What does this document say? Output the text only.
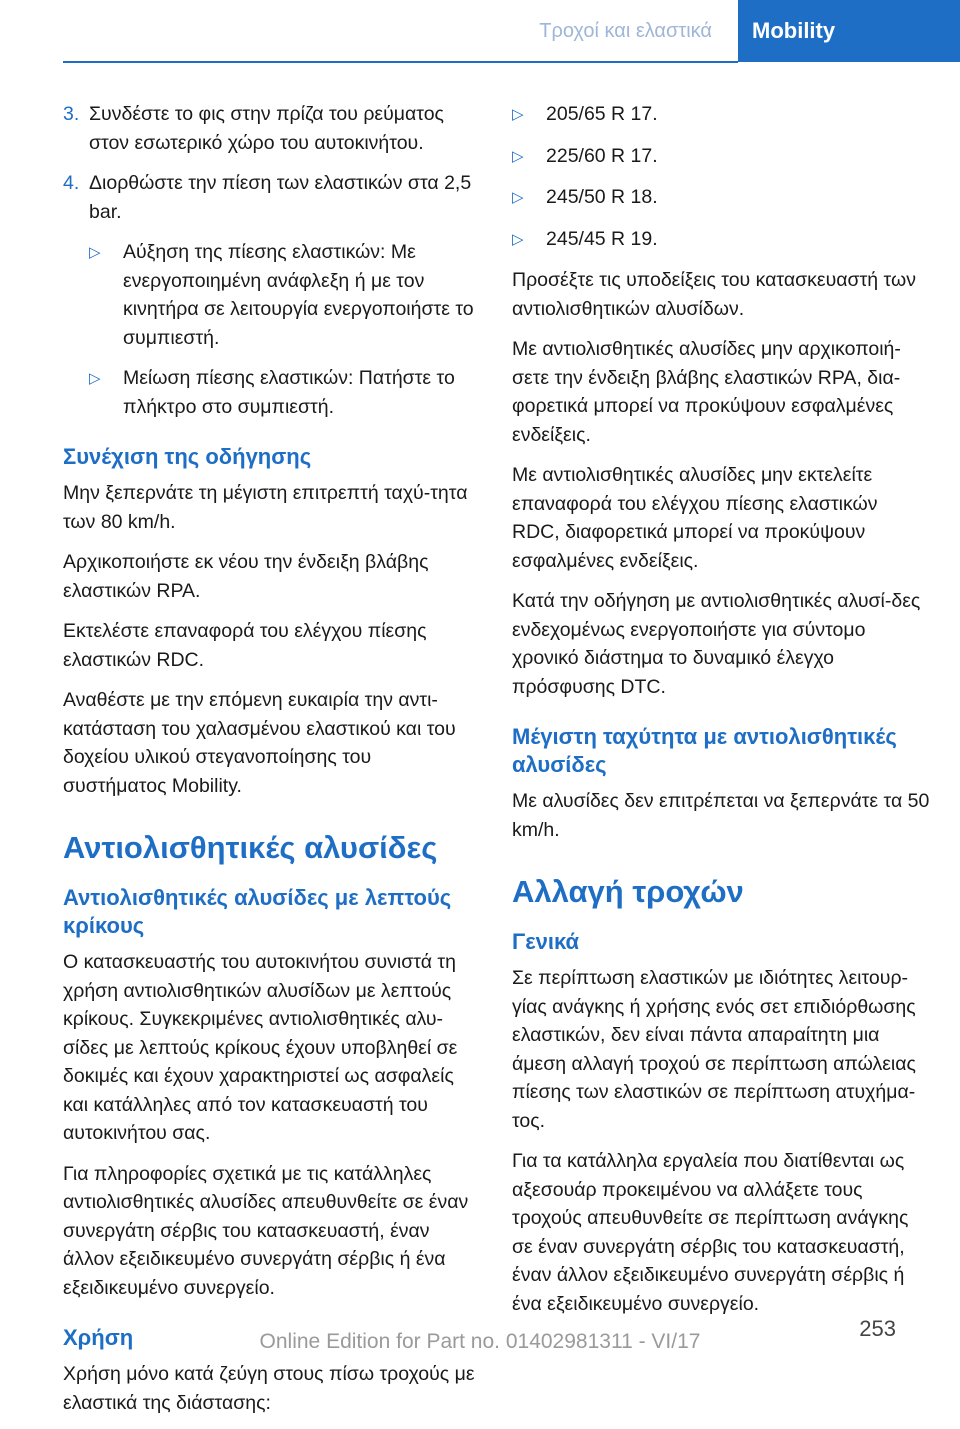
Τροχοί και ελαστικά	Mobility
3. Συνδέστε το φις στην πρίζα του ρεύματος στον εσωτερικό χώρο του αυτοκινήτου.
4. Διορθώστε την πίεση των ελαστικών στα 2,5 bar.
▷	Αύξηση της πίεσης ελαστικών: Με ενεργοποιημένη ανάφλεξη ή με τον κινητήρα σε λειτουργία ενεργοποιήστε το συμπιεστή.
▷	Μείωση πίεσης ελαστικών: Πατήστε το πλήκτρο στο συμπιεστή.
Συνέχιση της οδήγησης

Μην ξεπερνάτε τη μέγιστη επιτρεπτή ταχύ-τητα των 80 km/h.

Αρχικοποιήστε εκ νέου την ένδειξη βλάβης ελαστικών RPA.

Εκτελέστε επαναφορά του ελέγχου πίεσης ελαστικών RDC.

Αναθέστε με την επόμενη ευκαιρία την αντι-κατάσταση του χαλασμένου ελαστικού και του δοχείου υλικού στεγανοποίησης του συστήματος Mobility.

Αντιολισθητικές αλυσίδες
Αντιολισθητικές αλυσίδες με λεπτούς κρίκους

Ο κατασκευαστής του αυτοκινήτου συνιστά τη χρήση αντιολισθητικών αλυσίδων με λεπτούς κρίκους. Συγκεκριμένες αντιολισθητικές αλυ-σίδες με λεπτούς κρίκους έχουν υποβληθεί σε δοκιμές και έχουν χαρακτηριστεί ως ασφαλείς και κατάλληλες από τον κατασκευαστή του αυτοκινήτου σας.

Για πληροφορίες σχετικά με τις κατάλληλες αντιολισθητικές αλυσίδες απευθυνθείτε σε έναν συνεργάτη σέρβις του κατασκευαστή, έναν άλλον εξειδικευμένο συνεργάτη σέρβις ή ένα εξειδικευμένο συνεργείο.

Χρήση

Χρήση μόνο κατά ζεύγη στους πίσω τροχούς με ελαστικά της διάστασης:

▷	205/65 R 17.
▷	225/60 R 17.
▷	245/50 R 18.
▷	245/45 R 19.

Προσέξτε τις υποδείξεις του κατασκευαστή των αντιολισθητικών αλυσίδων.

Με αντιολισθητικές αλυσίδες μην αρχικοποιή-σετε την ένδειξη βλάβης ελαστικών RPA, δια-φορετικά μπορεί να προκύψουν εσφαλμένες ενδείξεις.

Με αντιολισθητικές αλυσίδες μην εκτελείτε επαναφορά του ελέγχου πίεσης ελαστικών RDC, διαφορετικά μπορεί να προκύψουν εσφαλμένες ενδείξεις.

Κατά την οδήγηση με αντιολισθητικές αλυσί-δες ενδεχομένως ενεργοποιήστε για σύντομο χρονικό διάστημα το δυναμικό έλεγχο πρόσφυσης DTC.

Μέγιστη ταχύτητα με αντιολισθητικές αλυσίδες

Με αλυσίδες δεν επιτρέπεται να ξεπερνάτε τα 50 km/h.

Αλλαγή τροχών
Γενικά

Σε περίπτωση ελαστικών με ιδιότητες λειτουρ-γίας ανάγκης ή χρήσης ενός σετ επιδιόρθωσης ελαστικών, δεν είναι πάντα απαραίτητη μια άμεση αλλαγή τροχού σε περίπτωση απώλειας πίεσης των ελαστικών σε περίπτωση ατυχήμα-τος.

Για τα κατάλληλα εργαλεία που διατίθενται ως αξεσουάρ προκειμένου να αλλάξετε τους τροχούς απευθυνθείτε σε περίπτωση ανάγκης σε έναν συνεργάτη σέρβις του κατασκευαστή, έναν άλλον εξειδικευμένο συνεργάτη σέρβις ή ένα εξειδικευμένο συνεργείο.

253
Online Edition for Part no. 01402981311 - VI/17
